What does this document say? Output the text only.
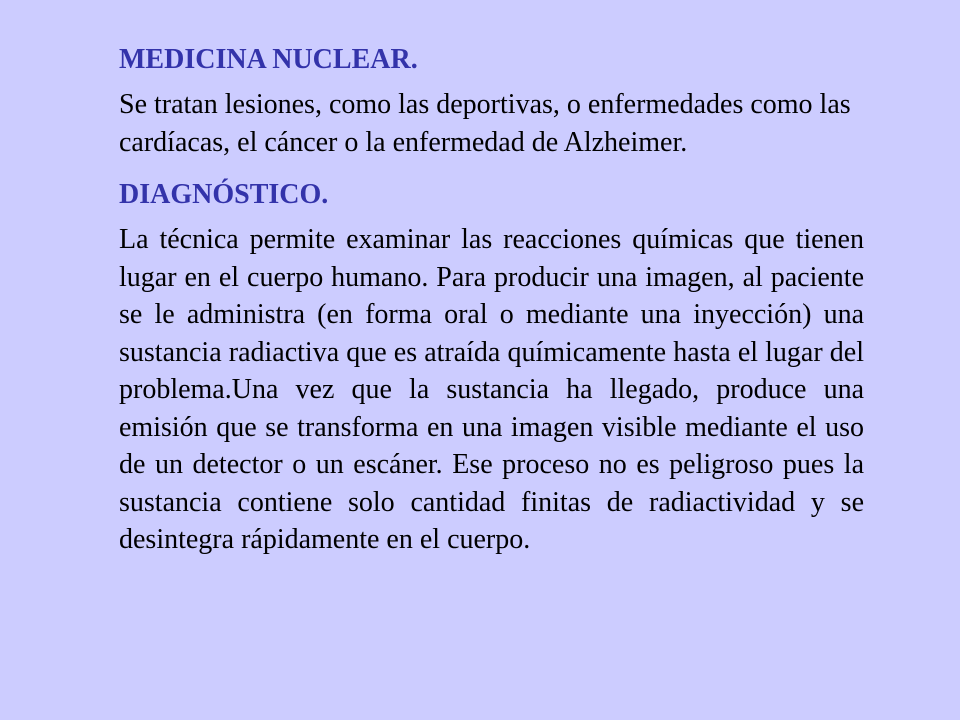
MEDICINA NUCLEAR.
Se tratan lesiones, como las deportivas, o enfermedades como las cardíacas, el cáncer o la enfermedad de Alzheimer.
DIAGNÓSTICO.
La técnica permite examinar las reacciones químicas que tienen lugar en el cuerpo humano. Para producir una imagen, al paciente se le administra (en forma oral o mediante una inyección) una sustancia radiactiva que es atraída químicamente hasta el lugar del problema.Una vez que la sustancia ha llegado, produce una emisión que se transforma en una imagen visible mediante el uso de un detector o un escáner. Ese proceso no es peligroso pues la sustancia contiene solo cantidad finitas de radiactividad y se desintegra rápidamente en el cuerpo.
